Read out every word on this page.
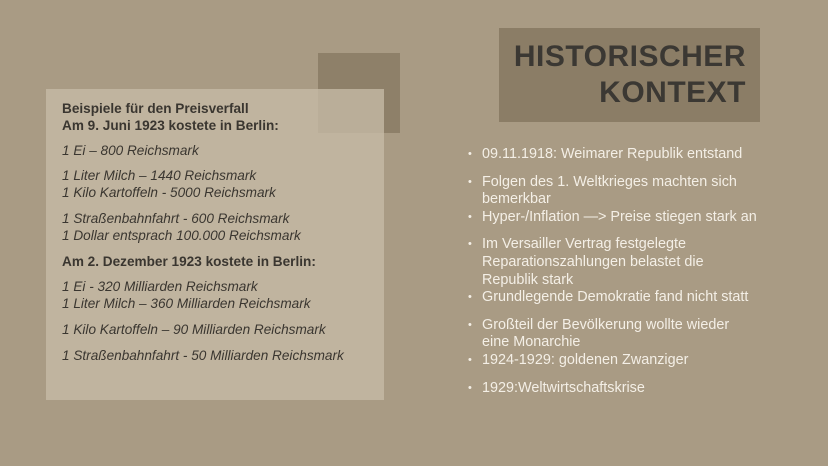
Beispiele für den Preisverfall
Am 9. Juni 1923 kostete in Berlin:
1 Ei – 800 Reichsmark
1 Liter Milch – 1440 Reichsmark
1 Kilo Kartoffeln - 5000 Reichsmark
1 Straßenbahnfahrt - 600 Reichsmark
1 Dollar entsprach 100.000 Reichsmark
Am 2. Dezember 1923 kostete in Berlin:
1 Ei - 320 Milliarden Reichsmark
1 Liter Milch – 360 Milliarden Reichsmark
1 Kilo Kartoffeln – 90 Milliarden Reichsmark
1 Straßenbahnfahrt - 50 Milliarden Reichsmark
HISTORISCHER
KONTEXT
• 09.11.1918: Weimarer Republik entstand
• Folgen des 1. Weltkrieges machten sich
bemerkbar
• Hyper-/Inflation —> Preise stiegen stark an
• Im Versailler Vertrag festgelegte
Reparationszahlungen belastet die
Republik stark
• Grundlegende Demokratie fand nicht statt
• Großteil der Bevölkerung wollte wieder
eine Monarchie
• 1924-1929: goldenen Zwanziger
• 1929:Weltwirtschaftskrise
